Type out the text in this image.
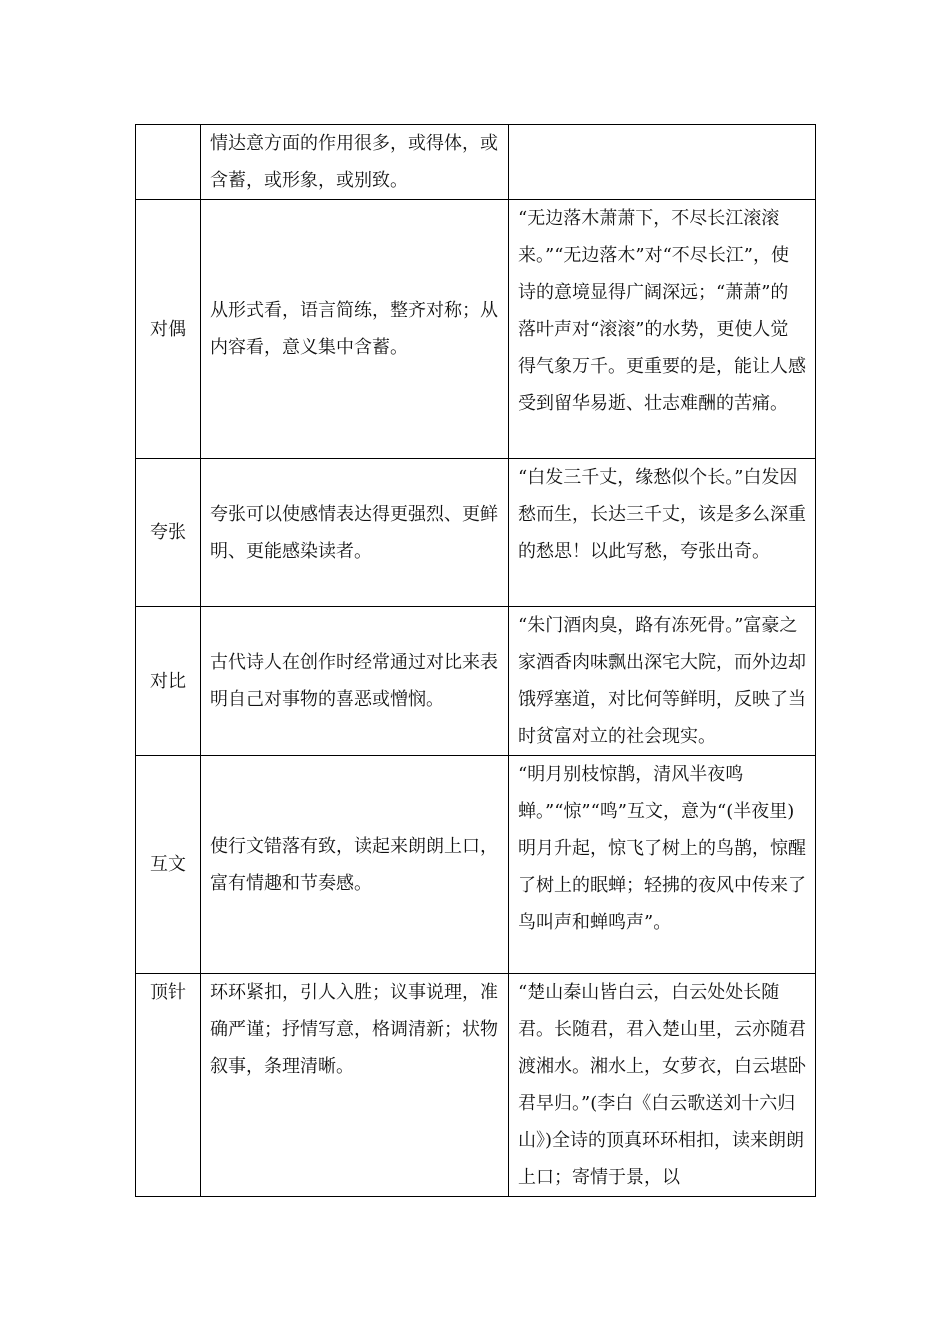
	情达意方面的作用很多，或得体，或含蓄，或形象，或别致。	
对偶	从形式看，语言简练，整齐对称；从内容看，意义集中含蓄。	“无边落木萧萧下，不尽长江滚滚来。”“无边落木”对“不尽长江”，使诗的意境显得广阔深远；“萧萧”的落叶声对“滚滚”的水势，更使人觉得气象万千。更重要的是，能让人感受到留华易逝、壮志难酬的苦痛。
夸张	夸张可以使感情表达得更强烈、更鲜明、更能感染读者。	“白发三千丈，缘愁似个长。”白发因愁而生，长达三千丈，该是多么深重的愁思！以此写愁，夸张出奇。
对比	古代诗人在创作时经常通过对比来表明自己对事物的喜恶或憎悯。	“朱门酒肉臭，路有冻死骨。”富豪之家酒香肉味飘出深宅大院，而外边却饿殍塞道，对比何等鲜明，反映了当时贫富对立的社会现实。
互文	使行文错落有致，读起来朗朗上口，富有情趣和节奏感。	“明月别枝惊鹊，清风半夜鸣蝉。”“惊”“鸣”互文，意为“(半夜里)明月升起，惊飞了树上的鸟鹊，惊醒了树上的眠蝉；轻拂的夜风中传来了鸟叫声和蝉鸣声”。
顶针	环环紧扣，引人入胜；议事说理，准确严谨；抒情写意，格调清新；状物叙事，条理清晰。	“楚山秦山皆白云，白云处处长随君。长随君，君入楚山里，云亦随君渡湘水。湘水上，女萝衣，白云堪卧君早归。”(李白《白云歌送刘十六归山》)全诗的顶真环环相扣，读来朗朗上口；寄情于景，以
